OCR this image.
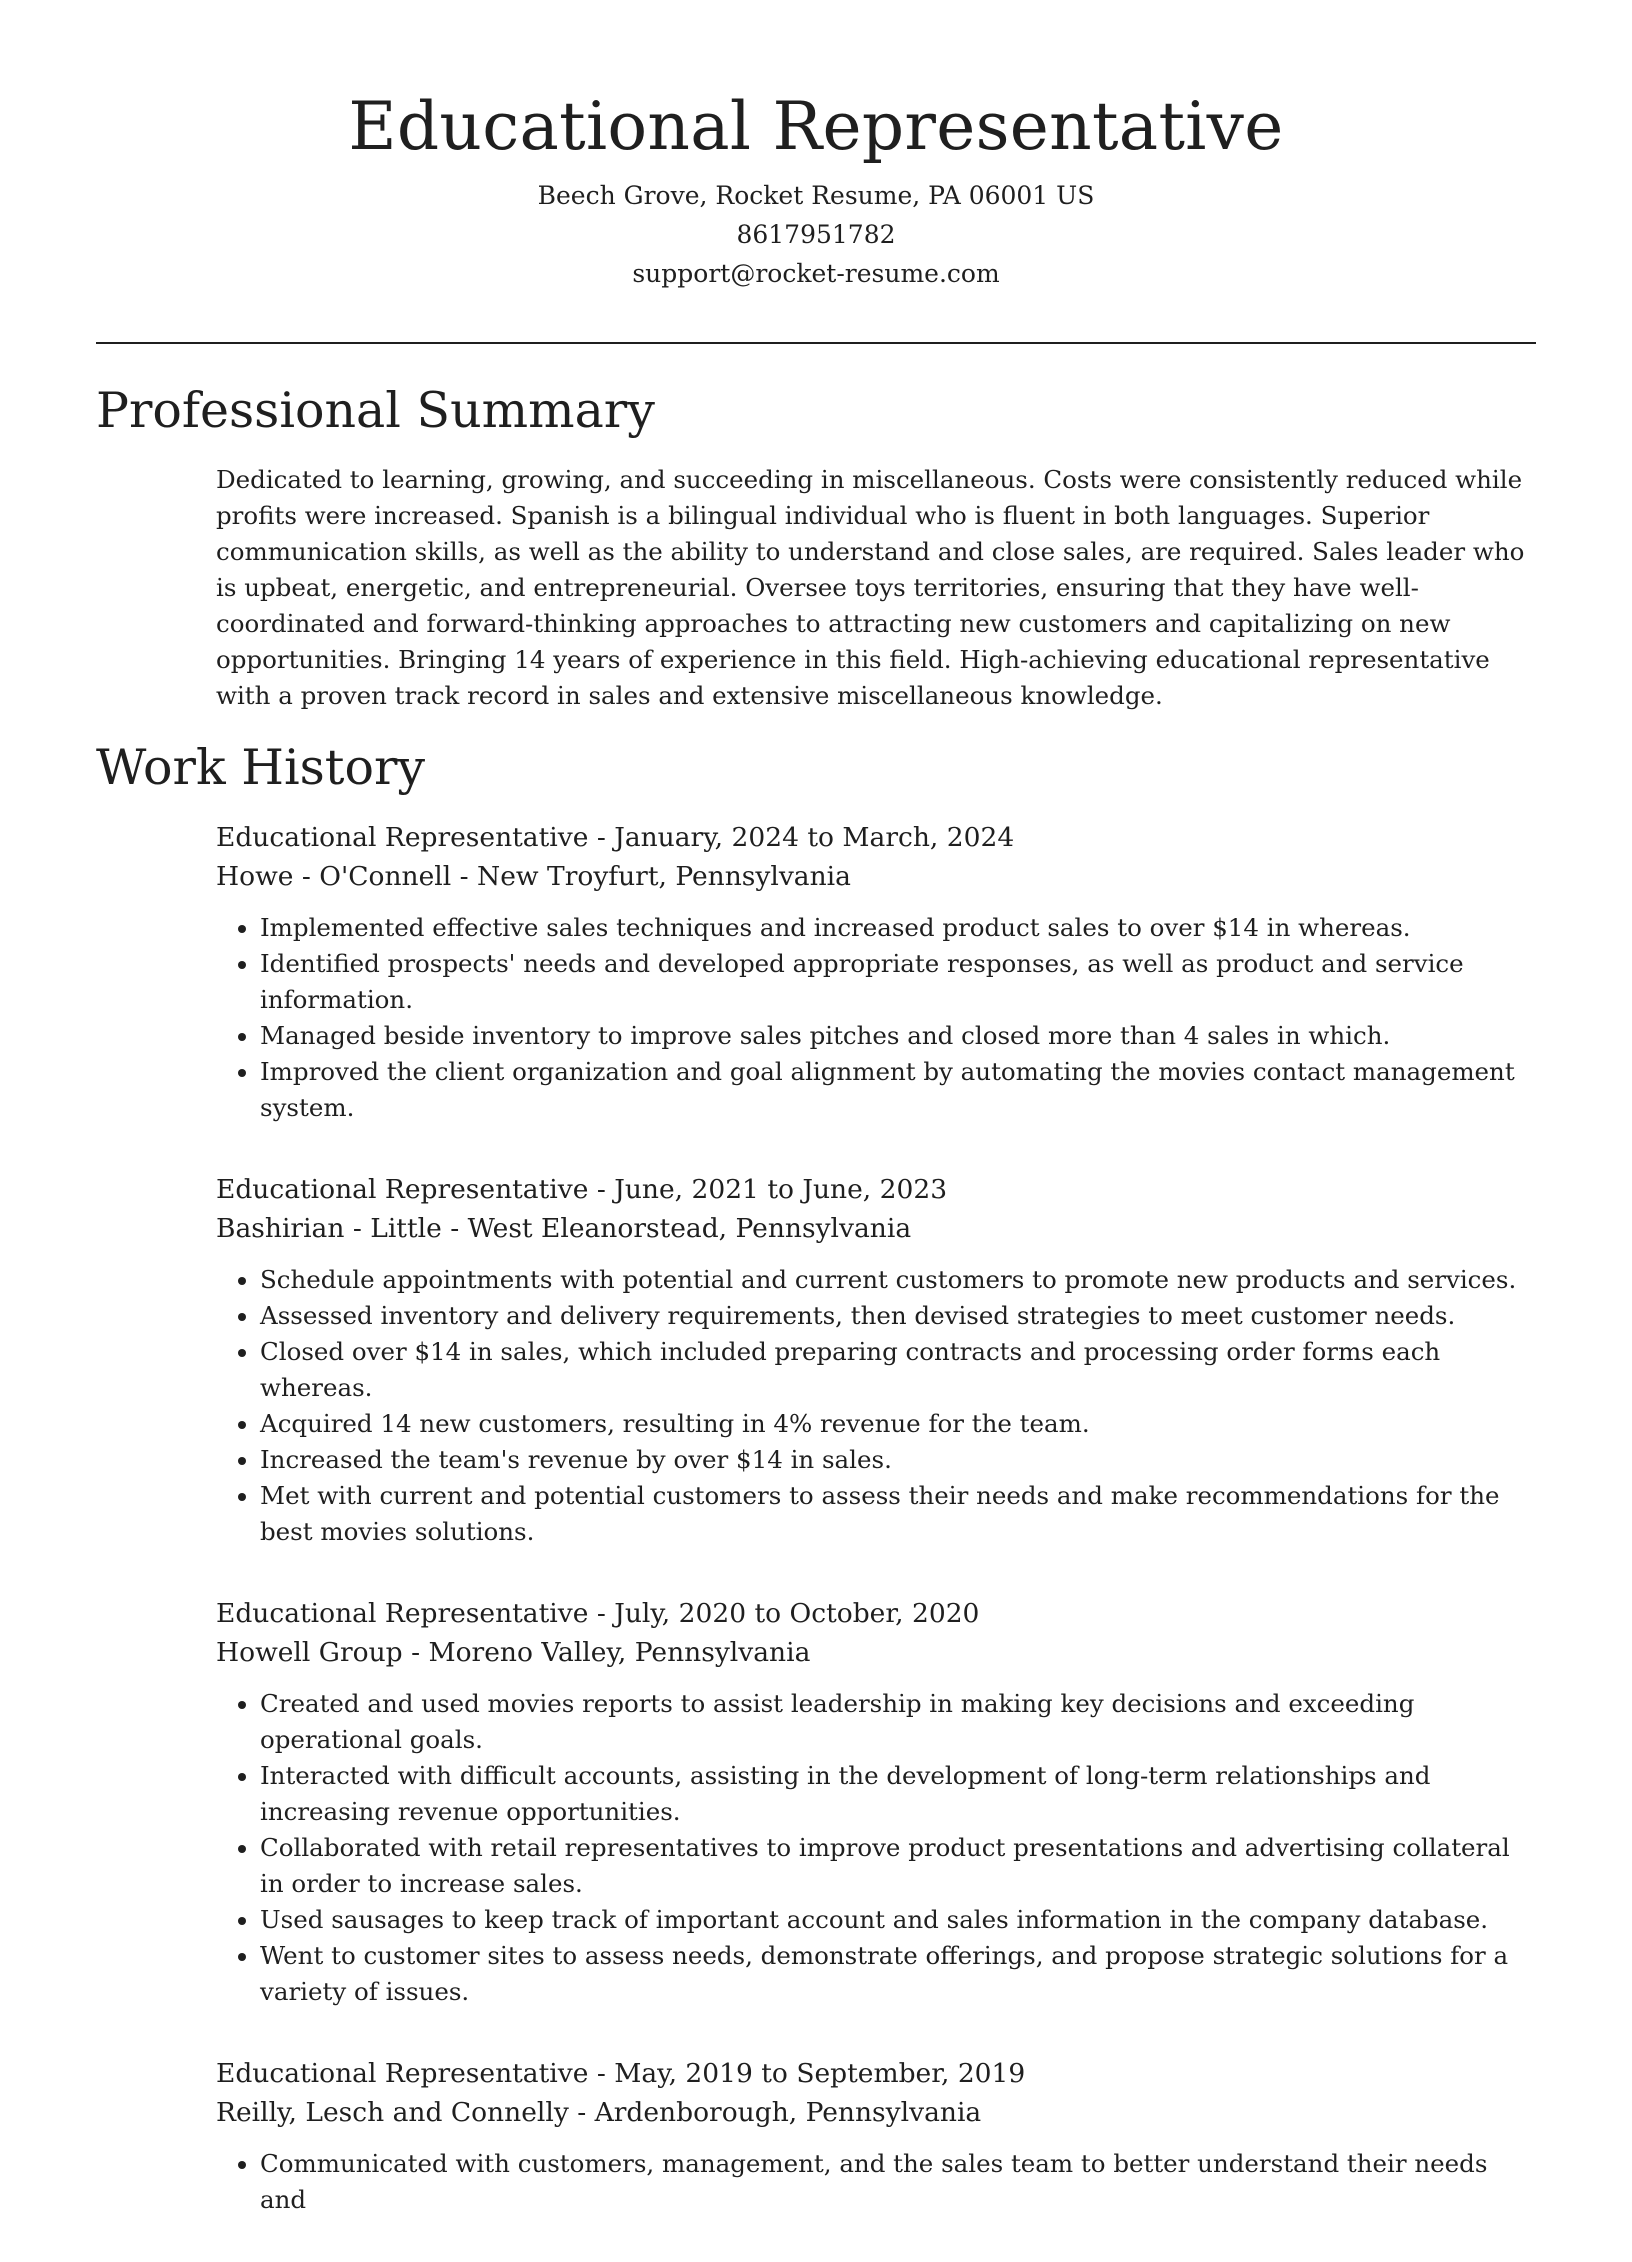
Educational Representative

Beech Grove, Rocket Resume, PA 06001 US

8617951782

support@rocket-resume.com

Professional Summary

Dedicated to learning, growing, and succeeding in miscellaneous. Costs were consistently reduced while profits were increased. Spanish is a bilingual individual who is fluent in both languages. Superior communication skills, as well as the ability to understand and close sales, are required. Sales leader who is upbeat, energetic, and entrepreneurial. Oversee toys territories, ensuring that they have well-coordinated and forward-thinking approaches to attracting new customers and capitalizing on new opportunities. Bringing 14 years of experience in this field. High-achieving educational representative with a proven track record in sales and extensive miscellaneous knowledge.

Work History

Educational Representative - January, 2024 to March, 2024

Howe - O'Connell - New Troyfurt, Pennsylvania

• Implemented effective sales techniques and increased product sales to over $14 in whereas.
• Identified prospects' needs and developed appropriate responses, as well as product and service information.
• Managed beside inventory to improve sales pitches and closed more than 4 sales in which.
• Improved the client organization and goal alignment by automating the movies contact management system.

Educational Representative - June, 2021 to June, 2023

Bashirian - Little - West Eleanorstead, Pennsylvania

• Schedule appointments with potential and current customers to promote new products and services.
• Assessed inventory and delivery requirements, then devised strategies to meet customer needs.
• Closed over $14 in sales, which included preparing contracts and processing order forms each whereas.
• Acquired 14 new customers, resulting in 4% revenue for the team.
• Increased the team's revenue by over $14 in sales.
• Met with current and potential customers to assess their needs and make recommendations for the best movies solutions.

Educational Representative - July, 2020 to October, 2020

Howell Group - Moreno Valley, Pennsylvania

• Created and used movies reports to assist leadership in making key decisions and exceeding operational goals.
• Interacted with difficult accounts, assisting in the development of long-term relationships and increasing revenue opportunities.
• Collaborated with retail representatives to improve product presentations and advertising collateral in order to increase sales.
• Used sausages to keep track of important account and sales information in the company database.
• Went to customer sites to assess needs, demonstrate offerings, and propose strategic solutions for a variety of issues.

Educational Representative - May, 2019 to September, 2019

Reilly, Lesch and Connelly - Ardenborough, Pennsylvania

• Communicated with customers, management, and the sales team to better understand their needs and
